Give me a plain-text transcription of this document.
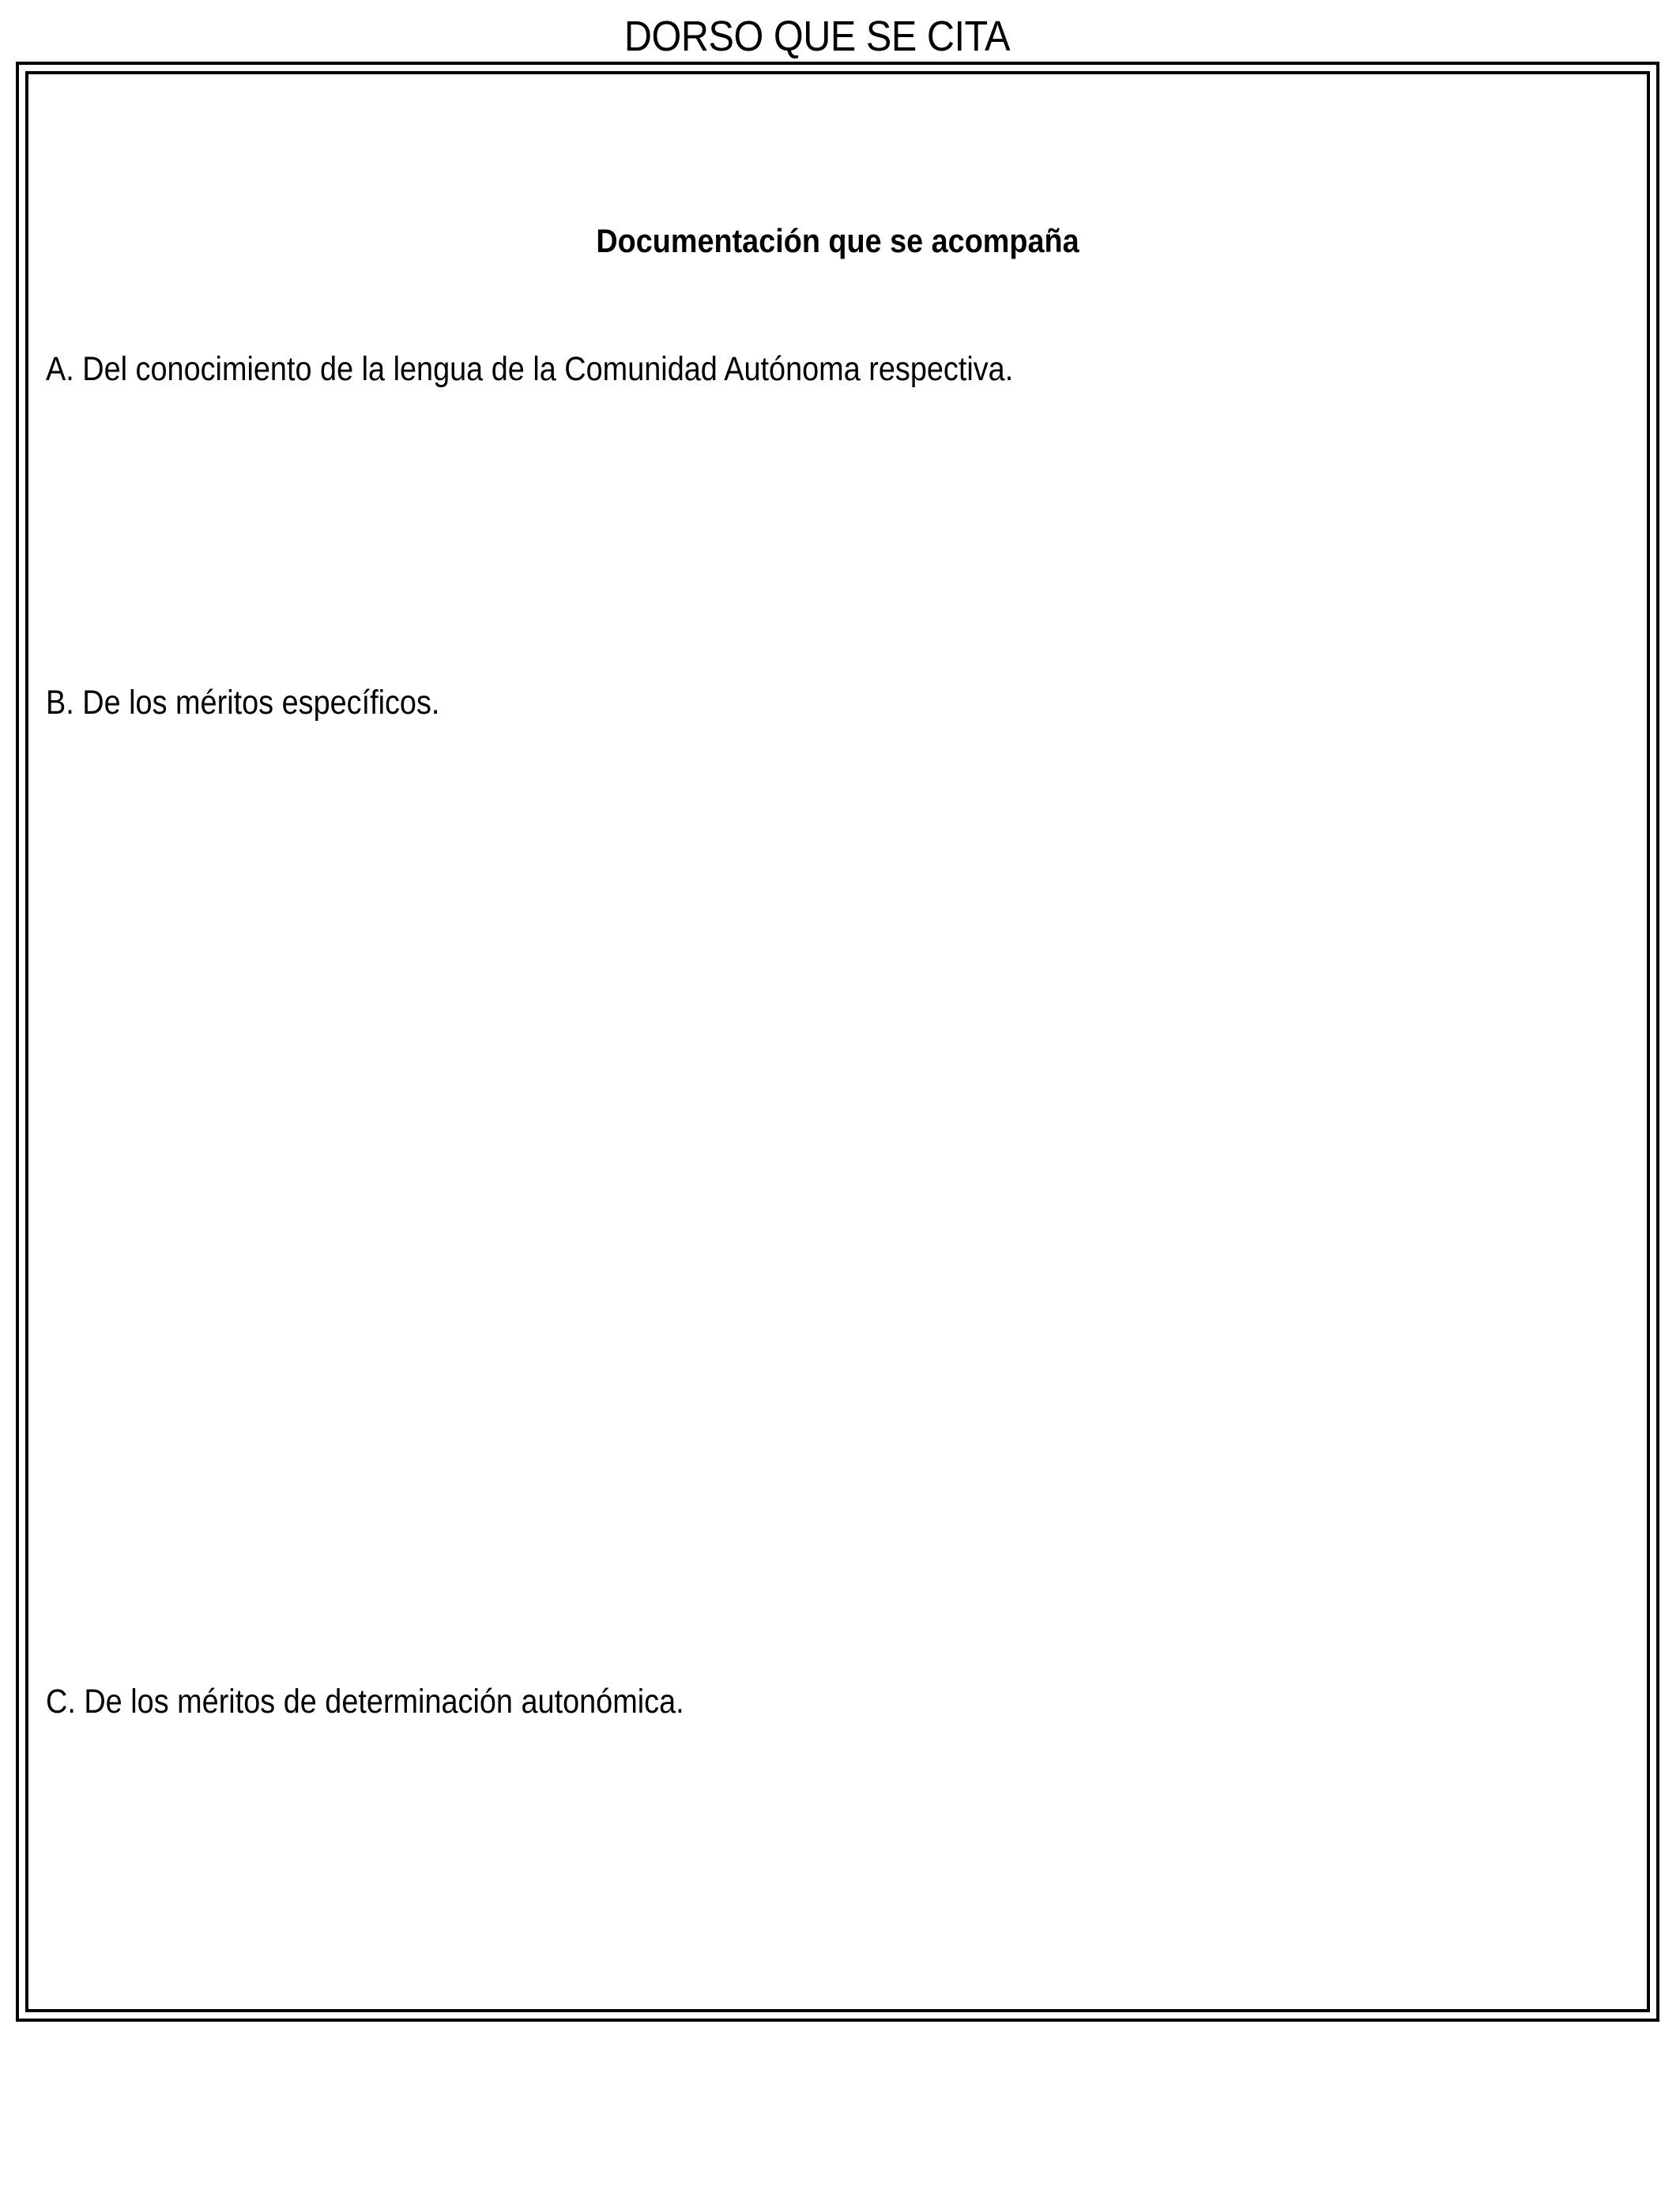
DORSO QUE SE CITA
Documentación que se acompaña
A. Del conocimiento de la lengua de la Comunidad Autónoma respectiva.
B. De los méritos específicos.
C. De los méritos de determinación autonómica.
